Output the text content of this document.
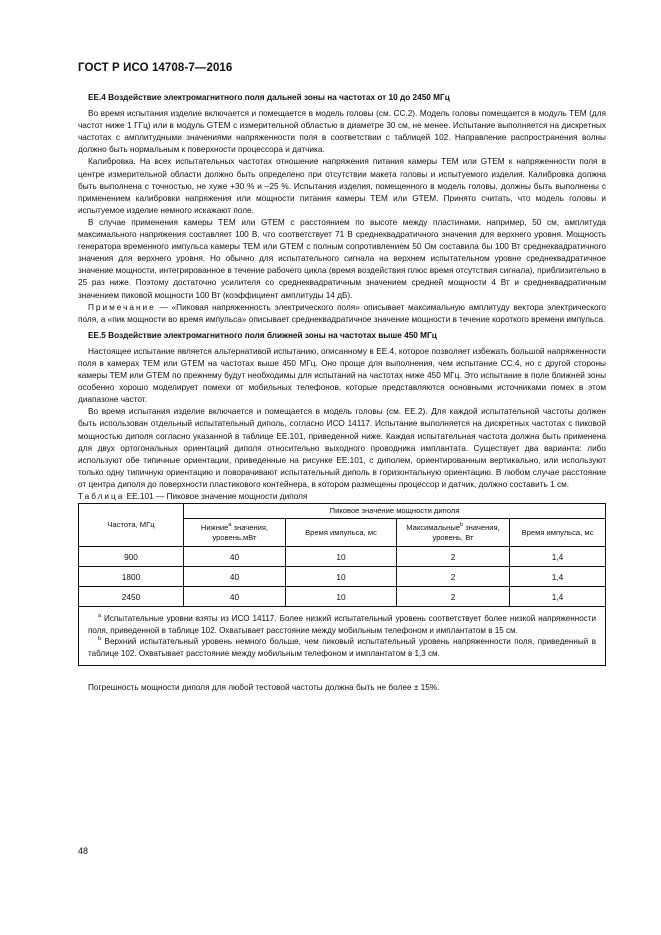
ГОСТ Р ИСО 14708-7—2016

EE.4 Воздействие электромагнитного поля дальней зоны на частотах от 10 до 2450 МГц

Во время испытания изделие включается и помещается в модель головы (см. СС.2). Модель головы помещается в модуль ТЕМ (для частот ниже 1 ГГц) или в модуль GТЕМ с измерительной областью в диаметре 30 см, не менее. Испытание выполняется на дискретных частотах с амплитудными значениями напряженности поля в соответствии с таблицей 102. Направление распространения волны должно быть нормальным к поверхности процессора и датчика.

Калибровка. На всех испытательных частотах отношение напряжения питания камеры ТЕМ или GТЕМ к напряженности поля в центре измерительной области должно быть определено при отсутствии макета головы и испытуемого изделия. Калибровка должна быть выполнена с точностью, не хуже +30 % и –25 %. Испытания изделия, помещенного в модель головы, должны быть выполнены с применением калибровки напряжения или мощности питания камеры ТЕМ или GТЕМ. Принято считать, что модель головы и испытуемое изделие немного искажают поле.

В случае применения камеры ТЕМ или GТЕМ с расстоянием по высоте между пластинами, например, 50 см, амплитуда максимального напряжения составляет 100 В, что соответствует 71 В среднеквадратичного значения для верхнего уровня. Мощность генератора временного импульса камеры ТЕМ или GТЕМ с полным сопротивлением 50 Ом составила бы 100 Вт среднеквадратичного значения для верхнего уровня. Но обычно для испытательного сигнала на верхнем испытательном уровне среднеквадратичное значение мощности, интегрированное в течение рабочего цикла (время воздействия плюс время отсутствия сигнала), приблизительно в 25 раз ниже. Поэтому достаточно усилителя со среднеквадратичным значением средней мощности 4 Вт и среднеквадратичным значением пиковой мощности 100 Вт (коэффициент амплитуды 14 дБ).

Примечание — «Пиковая напряженность электрического поля» описывает максимальную амплитуду вектора электрического поля, а «пик мощности во время импульса» описывает среднеквадратичное значение мощности в течение короткого времени импульса.

EE.5 Воздействие электромагнитного поля ближней зоны на частотах выше 450 МГц

Настоящее испытание является альтернативой испытанию, описанному в ЕЕ.4, которое позволяет избежать большой напряженности поля в камерах ТЕМ или GТЕМ на частотах выше 450 МГц. Оно проще для выполнения, чем испытание СС.4, но с другой стороны камеры ТЕМ или GТЕМ по прежнему будут необходимы для испытаний на частотах ниже 450 МГц. Это испытание в поле ближней зоны особенно хорошо моделирует помехи от мобильных телефонов, которые представляются основными источниками помех в этом диапазоне частот.

Во время испытания изделие включается и помещается в модель головы (см. ЕЕ.2). Для каждой испытательной частоты должен быть использован отдельный испытательный диполь, согласно ИСО 14117. Испытание выполняется на дискретных частотах с пиковой мощностью диполя согласно указанной в таблице ЕЕ.101, приведенной ниже. Каждая испытательная частота должна быть применена для двух ортогональных ориентаций диполя относительно выходного проводника имплантата. Существует два варианта: либо используют обе типичные ориентации, приведенные на рисунке ЕЕ.101, с диполем, ориентированным вертикально, или используют только одну типичную ориентацию и поворачивают испытательный диполь в горизонтальную ориентацию. В любом случае расстояние от центра диполя до поверхности пластикового контейнера, в котором размещены процессор и датчик, должно составить 1 см.

Таблица ЕЕ.101 — Пиковое значение мощности диполя

Частота, МГц	Пиковое значение мощности диполя			
	Нижние$^a$ значения, уровень,мВт	Время импульса, мс	Максимальные$^b$ значения, уровень, Вт	Время импульса, мс
900	40	10	2	1,4
1800	40	10	2	1,4
2450	40	10	2	1,4

$^a$ Испытательные уровни взяты из ИСО 14117. Более низкий испытательный уровень соответствует более низкой напряженности поля, приведенной в таблице 102. Охватывает расстояние между мобильным телефоном и имплантатом в 15 см.

$^b$ Верхний испытательный уровень немного больше, чем пиковый испытательный уровень напряженности поля, приведенный в таблице 102. Охватывает расстояние между мобильным телефоном и имплантатом в 1,3 см.				

Погрешность мощности диполя для любой тестовой частоты должна быть не более ± 15%.

48
